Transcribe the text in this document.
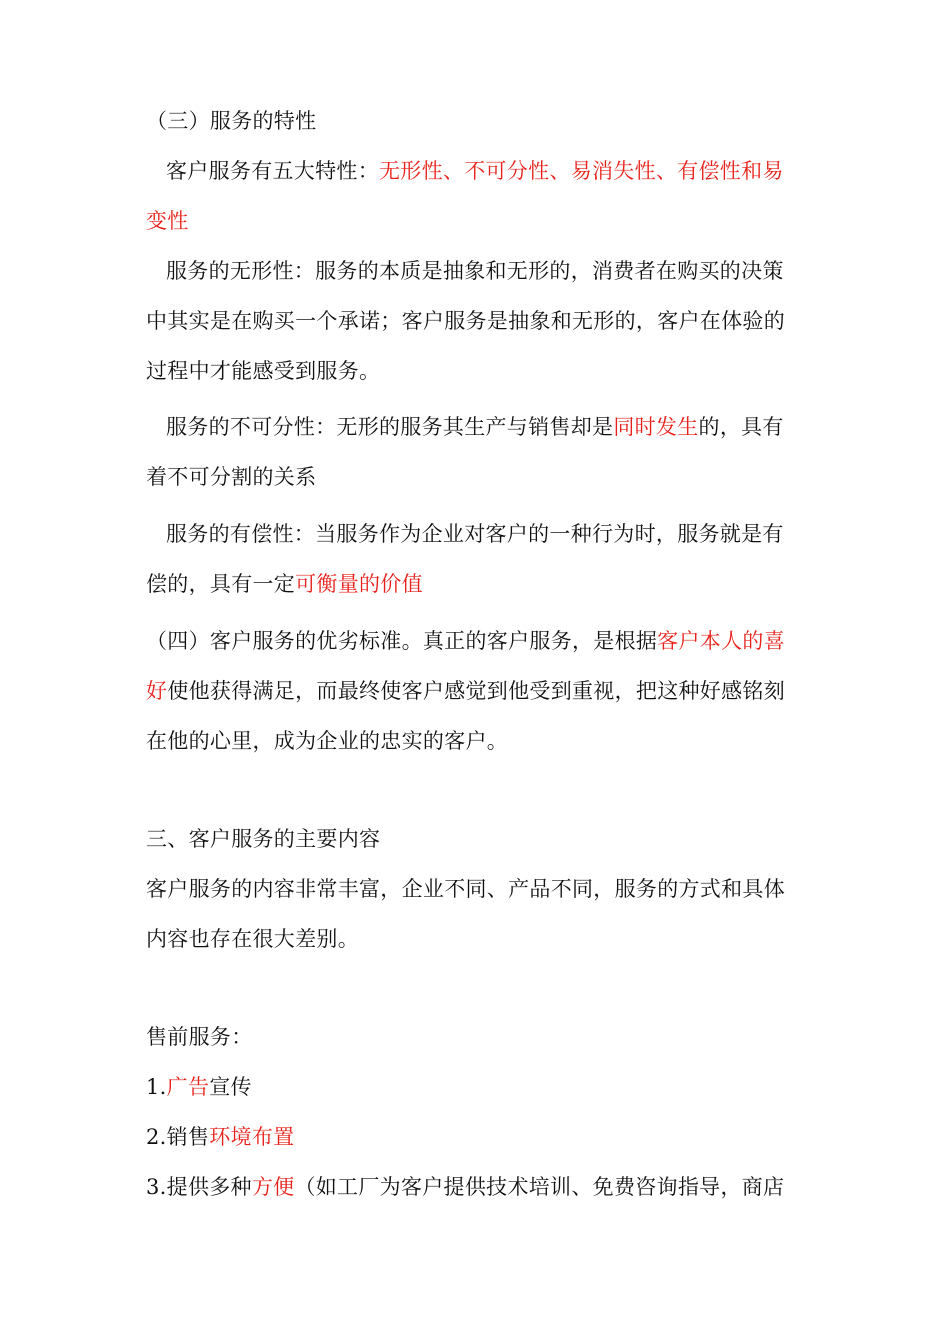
（三）服务的特性
客户服务有五大特性：无形性、不可分性、易消失性、有偿性和易
变性
服务的无形性：服务的本质是抽象和无形的，消费者在购买的决策
中其实是在购买一个承诺；客户服务是抽象和无形的，客户在体验的
过程中才能感受到服务。
服务的不可分性：无形的服务其生产与销售却是同时发生的，具有
着不可分割的关系
服务的有偿性：当服务作为企业对客户的一种行为时，服务就是有
偿的，具有一定可衡量的价值
（四）客户服务的优劣标准。真正的客户服务，是根据客户本人的喜
好使他获得满足，而最终使客户感觉到他受到重视，把这种好感铭刻
在他的心里，成为企业的忠实的客户。
三、客户服务的主要内容
客户服务的内容非常丰富，企业不同、产品不同，服务的方式和具体
内容也存在很大差别。
售前服务：
1.广告宣传
2.销售环境布置
3.提供多种方便（如工厂为客户提供技术培训、免费咨询指导，商店
